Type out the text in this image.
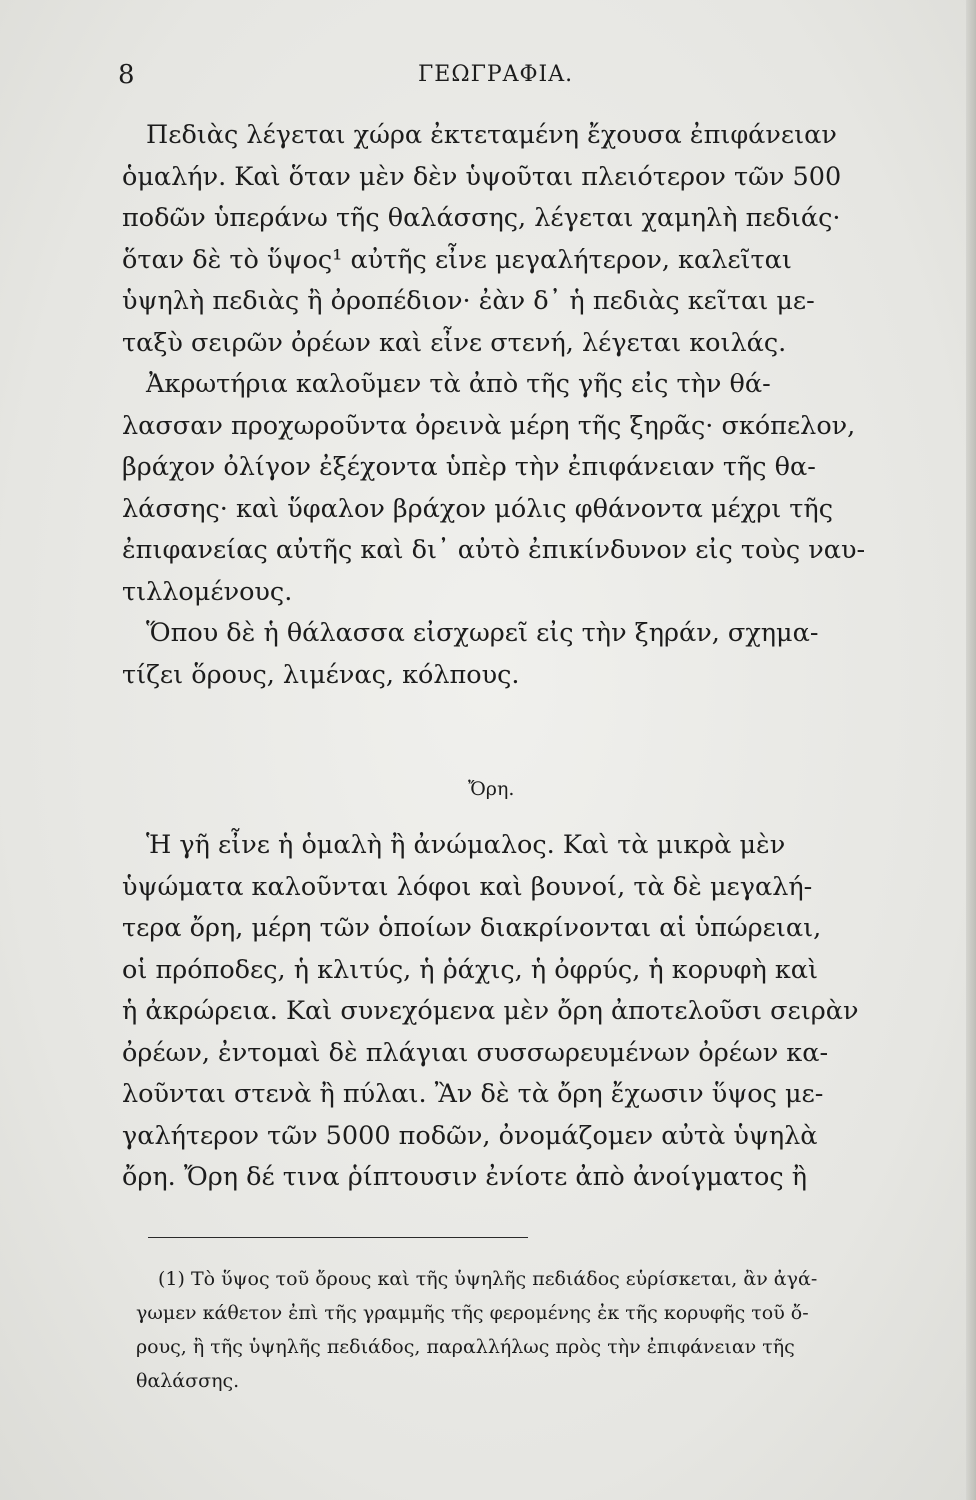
8	ΓΕΩΓΡΑΦΙΑ.
Πεδιὰς λέγεται χώρα ἐκτεταμένη ἔχουσα ἐπιφάνειαν
ὁμαλήν. Καὶ ὅταν μὲν δὲν ὑψοῦται πλειότερον τῶν 500
ποδῶν ὑπεράνω τῆς θαλάσσης, λέγεται χαμηλὴ πεδιάς·
ὅταν δὲ τὸ ὕψος¹ αὐτῆς εἶνε μεγαλήτερον, καλεῖται
ὑψηλὴ πεδιὰς ἢ ὀροπέδιον· ἐὰν δ᾽ ἡ πεδιὰς κεῖται με-
ταξὺ σειρῶν ὀρέων καὶ εἶνε στενή, λέγεται κοιλάς.
Ἀκρωτήρια καλοῦμεν τὰ ἀπὸ τῆς γῆς εἰς τὴν θά-
λασσαν προχωροῦντα ὀρεινὰ μέρη τῆς ξηρᾶς· σκόπελον,
βράχον ὀλίγον ἐξέχοντα ὑπὲρ τὴν ἐπιφάνειαν τῆς θα-
λάσσης· καὶ ὕφαλον βράχον μόλις φθάνοντα μέχρι τῆς
ἐπιφανείας αὐτῆς καὶ δι᾽ αὐτὸ ἐπικίνδυνον εἰς τοὺς ναυ-
τιλλομένους.
Ὅπου δὲ ἡ θάλασσα εἰσχωρεῖ εἰς τὴν ξηράν, σχημα-
τίζει ὅρους, λιμένας, κόλπους.
Ὄρη.
Ἡ γῆ εἶνε ἡ ὁμαλὴ ἢ ἀνώμαλος. Καὶ τὰ μικρὰ μὲν
ὑψώματα καλοῦνται λόφοι καὶ βουνοί, τὰ δὲ μεγαλή-
τερα ὄρη, μέρη τῶν ὁποίων διακρίνονται αἱ ὑπώρειαι,
οἱ πρόποδες, ἡ κλιτύς, ἡ ῥάχις, ἡ ὀφρύς, ἡ κορυφὴ καὶ
ἡ ἀκρώρεια. Καὶ συνεχόμενα μὲν ὄρη ἀποτελοῦσι σειρὰν
ὀρέων, ἐντομαὶ δὲ πλάγιαι συσσωρευμένων ὀρέων κα-
λοῦνται στενὰ ἢ πύλαι. Ἂν δὲ τὰ ὄρη ἔχωσιν ὕψος με-
γαλήτερον τῶν 5000 ποδῶν, ὀνομάζομεν αὐτὰ ὑψηλὰ
ὄρη. Ὄρη δέ τινα ῥίπτουσιν ἐνίοτε ἀπὸ ἀνοίγματος ἢ
(1) Τὸ ὕψος τοῦ ὄρους καὶ τῆς ὑψηλῆς πεδιάδος εὑρίσκεται, ἂν ἀγά-
γωμεν κάθετον ἐπὶ τῆς γραμμῆς τῆς φερομένης ἐκ τῆς κορυφῆς τοῦ ὄ-
ρους, ἢ τῆς ὑψηλῆς πεδιάδος, παραλλήλως πρὸς τὴν ἐπιφάνειαν τῆς
θαλάσσης.
